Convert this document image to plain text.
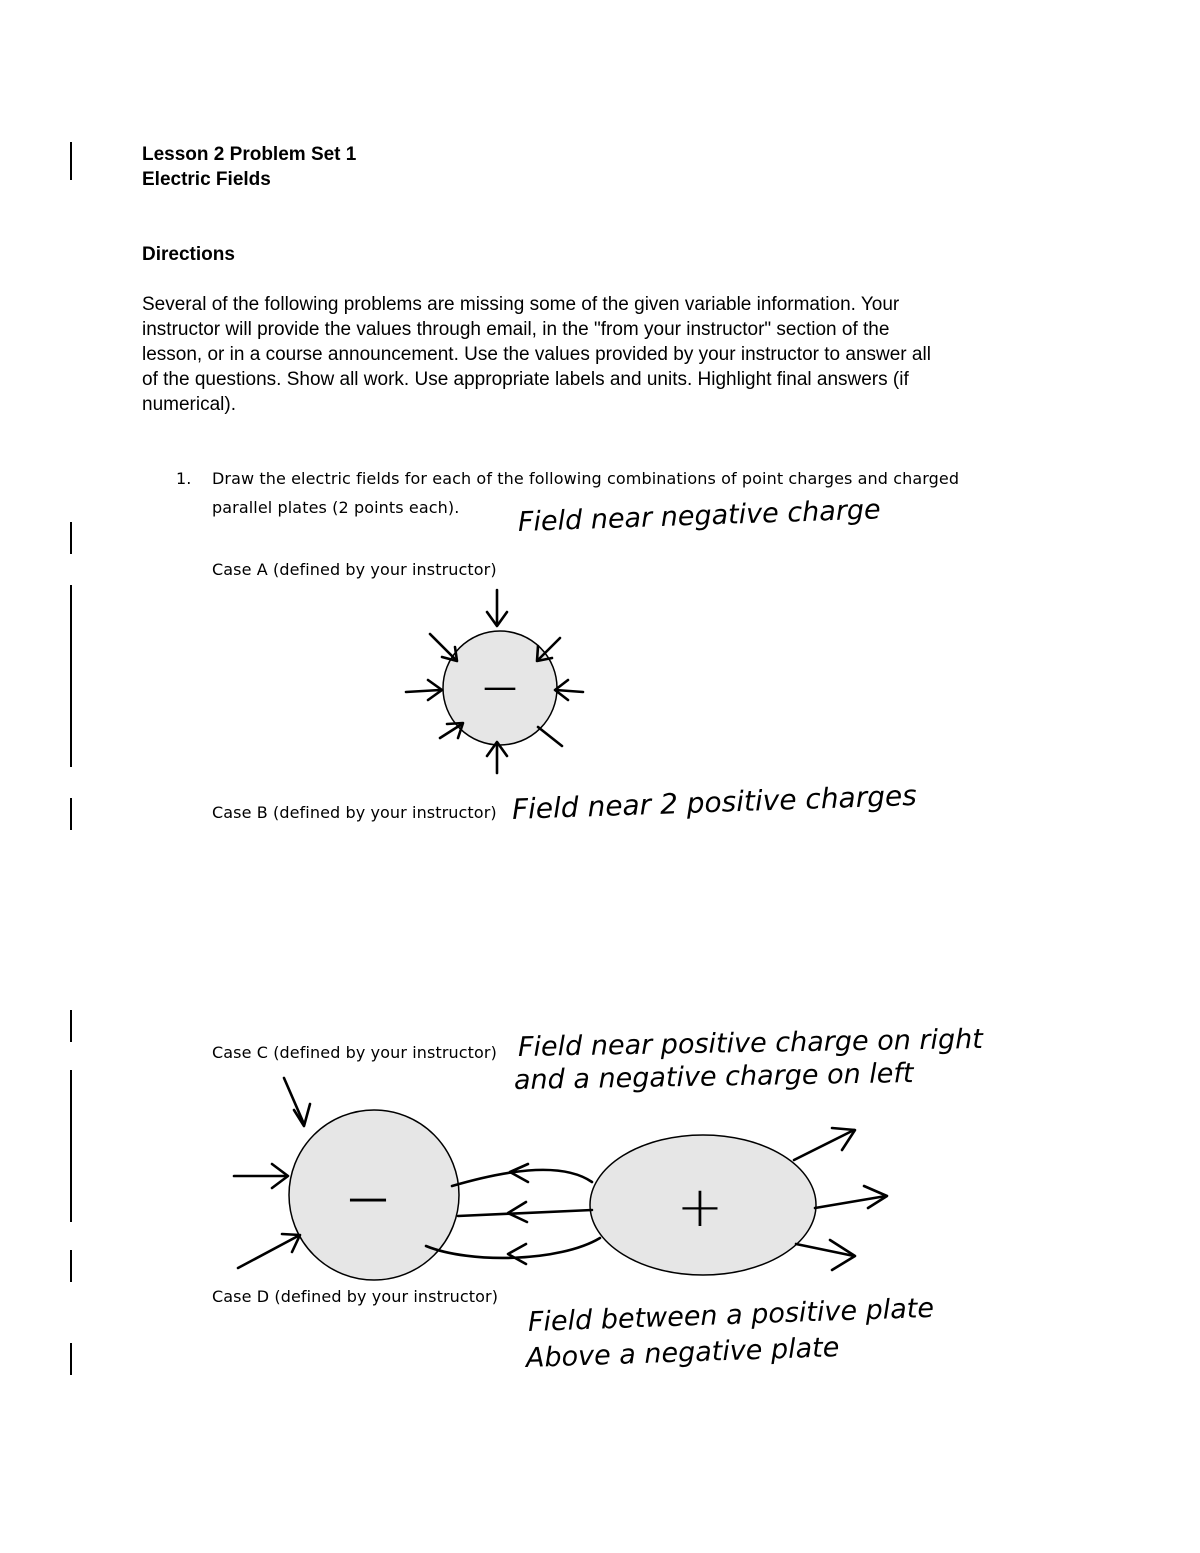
Lesson 2 Problem Set 1
Electric Fields
Directions
Several of the following problems are missing some of the given variable information. Your
instructor will provide the values through email, in the "from your instructor" section of the
lesson, or in a course announcement. Use the values provided by your instructor to answer all
of the questions. Show all work. Use appropriate labels and units. Highlight final answers (if
numerical).
1. Draw the electric fields for each of the following combinations of point charges and charged
parallel plates (2 points each).
Case A (defined by your instructor)
Case B (defined by your instructor)
Case C (defined by your instructor)
Case D (defined by your instructor)
Field near negative charge
Field near 2 positive charges
Field near positive charge on right
and a negative charge on left
Field between a positive plate
Above a negative plate
—
—	+
